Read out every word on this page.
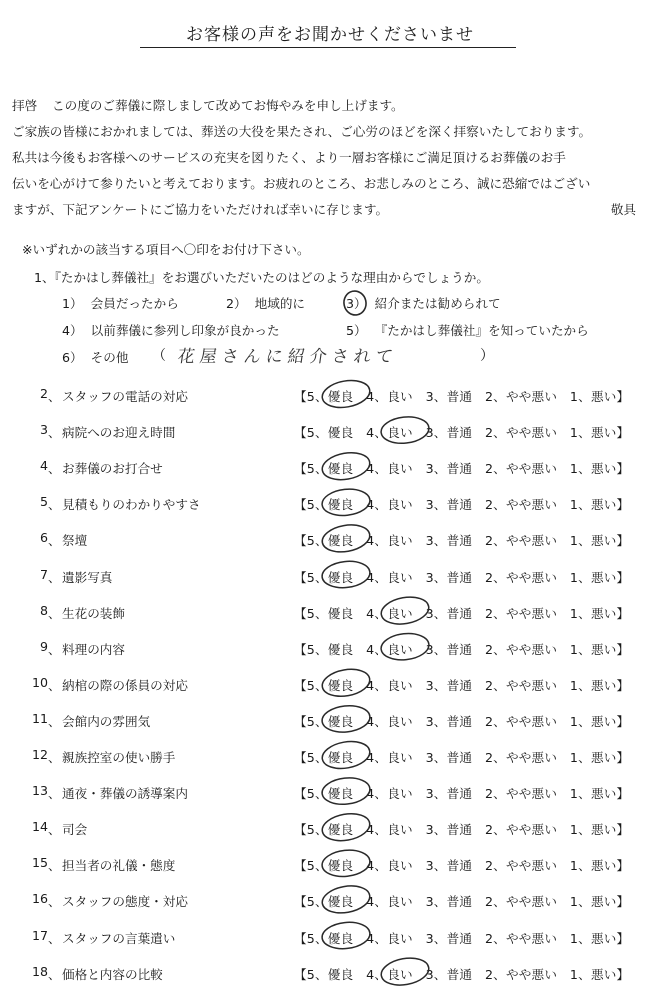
お客様の声をお聞かせくださいませ
拝啓 この度のご葬儀に際しまして改めてお悔やみを申し上げます。
ご家族の皆様におかれましては、葬送の大役を果たされ、ご心労のほどを深く拝察いたしております。
私共は今後もお客様へのサービスの充実を図りたく、より一層お客様にご満足頂けるお葬儀のお手
伝いを心がけて参りたいと考えております。お疲れのところ、お悲しみのところ、誠に恐縮ではござい
ますが、下記アンケートにご協力をいただければ幸いに存じます。	敬具
※いずれかの該当する項目へ〇印をお付け下さい。
1、『たかはし葬儀社』をお選びいただいたのはどのような理由からでしょうか。
1） 会員だったから	2） 地域的に	3） 紹介または勧められて
4） 以前葬儀に参列し印象が良かった	5） 『たかはし葬儀社』を知っていたから
6） その他 （ 花屋さんに紹介されて	）
2 、 スタッフの電話の対応	【5、優良　4、良い　3、普通　2、やや悪い　1、悪い】
3 、 病院へのお迎え時間	【5、優良　4、良い　3、普通　2、やや悪い　1、悪い】
4 、 お葬儀のお打合せ	【5、優良　4、良い　3、普通　2、やや悪い　1、悪い】
5 、 見積もりのわかりやすさ	【5、優良　4、良い　3、普通　2、やや悪い　1、悪い】
6 、 祭壇	【5、優良　4、良い　3、普通　2、やや悪い　1、悪い】
7 、 遺影写真	【5、優良　4、良い　3、普通　2、やや悪い　1、悪い】
8 、 生花の装飾	【5、優良　4、良い　3、普通　2、やや悪い　1、悪い】
9 、 料理の内容	【5、優良　4、良い　3、普通　2、やや悪い　1、悪い】
10 、 納棺の際の係員の対応	【5、優良　4、良い　3、普通　2、やや悪い　1、悪い】
11 、 会館内の雰囲気	【5、優良　4、良い　3、普通　2、やや悪い　1、悪い】
12 、 親族控室の使い勝手	【5、優良　4、良い　3、普通　2、やや悪い　1、悪い】
13 、 通夜・葬儀の誘導案内	【5、優良　4、良い　3、普通　2、やや悪い　1、悪い】
14 、 司会	【5、優良　4、良い　3、普通　2、やや悪い　1、悪い】
15 、 担当者の礼儀・態度	【5、優良　4、良い　3、普通　2、やや悪い　1、悪い】
16 、 スタッフの態度・対応	【5、優良　4、良い　3、普通　2、やや悪い　1、悪い】
17 、 スタッフの言葉遣い	【5、優良　4、良い　3、普通　2、やや悪い　1、悪い】
18 、 価格と内容の比較	【5、優良　4、良い　3、普通　2、やや悪い　1、悪い】
